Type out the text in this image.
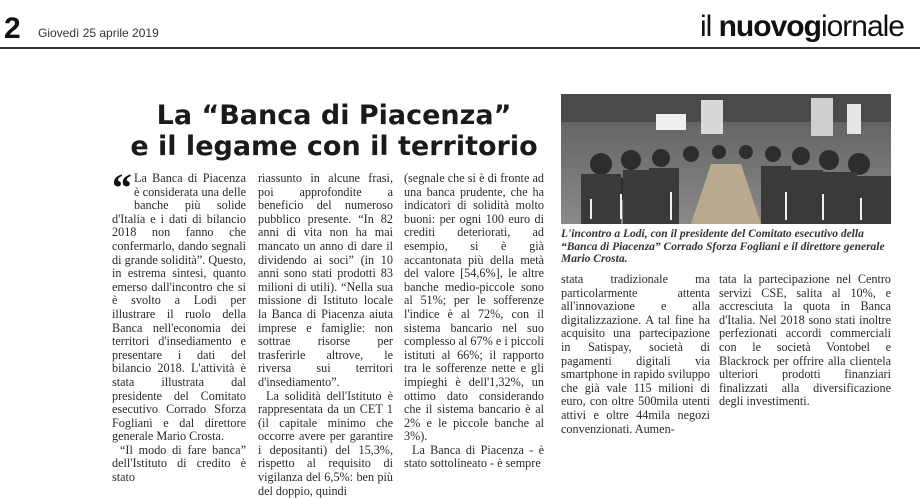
2 Giovedì 25 aprile 2019	il nuovogiornale
La “Banca di Piacenza”
e il legame con il territorio

“ La Banca di Piacenza è considerata una delle banche più solide d'Italia e i dati di bilancio 2018 non fanno che confermarlo, dando segnali di grande solidità”. Questo, in estrema sintesi, quanto emerso dall'incontro che si è svolto a Lodi per illustrare il ruolo della Banca nell'economia dei territori d'insediamento e presentare i dati del bilancio 2018. L'attività è stata illustrata dal presidente del Comitato esecutivo Corrado Sforza Fogliani e dal direttore generale Mario Crosta.

“Il modo di fare banca” dell'Istituto di credito è stato

riassunto in alcune frasi, poi approfondite a beneficio del numeroso pubblico presente. “In 82 anni di vita non ha mai mancato un anno di dare il dividendo ai soci” (in 10 anni sono stati prodotti 83 milioni di utili). “Nella sua missione di Istituto locale la Banca di Piacenza aiuta imprese e famiglie: non sottrae risorse per trasferirle altrove, le riversa sui territori d'insediamento”.

La solidità dell'Istituto è rappresentata da un CET 1 (il capitale minimo che occorre avere per garantire i depositanti) del 15,3%, rispetto al requisito di vigilanza del 6,5%: ben più del doppio, quindi

(segnale che si è di fronte ad una banca prudente, che ha indicatori di solidità molto buoni: per ogni 100 euro di crediti deteriorati, ad esempio, si è già accantonata più della metà del valore [54,6%], le altre banche medio-piccole sono al 51%; per le sofferenze l'indice è al 72%, con il sistema bancario nel suo complesso al 67% e i piccoli istituti al 66%; il rapporto tra le sofferenze nette e gli impieghi è dell'1,32%, un ottimo dato considerando che il sistema bancario è al 2% e le piccole banche al 3%).

La Banca di Piacenza - è stato sottolineato - è sempre

L'incontro a Lodi, con il presidente del Comitato esecutivo della “Banca di Piacenza” Corrado Sforza Fogliani e il direttore generale Mario Crosta.

stata tradizionale ma particolarmente attenta all'innovazione e alla digitalizzazione. A tal fine ha acquisito una partecipazione in Satispay, società di pagamenti digitali via smartphone in rapido sviluppo che già vale 115 milioni di euro, con oltre 500mila utenti attivi e oltre 44mila negozi convenzionati. Aumen-

tata la partecipazione nel Centro servizi CSE, salita al 10%, e accresciuta la quota in Banca d'Italia. Nel 2018 sono stati inoltre perfezionati accordi commerciali con le società Vontobel e Blackrock per offrire alla clientela ulteriori prodotti finanziari finalizzati alla diversificazione degli investimenti.
